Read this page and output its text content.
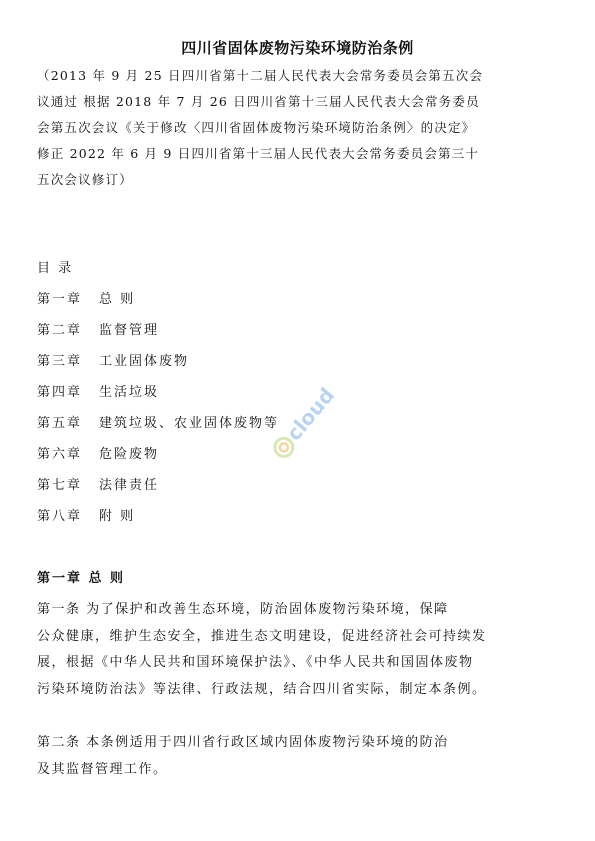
四川省固体废物污染环境防治条例
（2013 年 9 月 25 日四川省第十二届人民代表大会常务委员会第五次会
议通过 根据 2018 年 7 月 26 日四川省第十三届人民代表大会常务委员
会第五次会议《关于修改〈四川省固体废物污染环境防治条例〉的决定》
修正 2022 年 6 月 9 日四川省第十三届人民代表大会常务委员会第三十
五次会议修订）
目 录
第一章 总 则
第二章 监督管理
第三章 工业固体废物
第四章 生活垃圾
第五章 建筑垃圾、农业固体废物等
第六章 危险废物
第七章 法律责任
第八章 附 则
第一章 总 则
第一条 为了保护和改善生态环境，防治固体废物污染环境，保障
公众健康，维护生态安全，推进生态文明建设，促进经济社会可持续发
展，根据《中华人民共和国环境保护法》、《中华人民共和国固体废物
污染环境防治法》等法律、行政法规，结合四川省实际，制定本条例。
第二条 本条例适用于四川省行政区域内固体废物污染环境的防治
及其监督管理工作。
cloud
